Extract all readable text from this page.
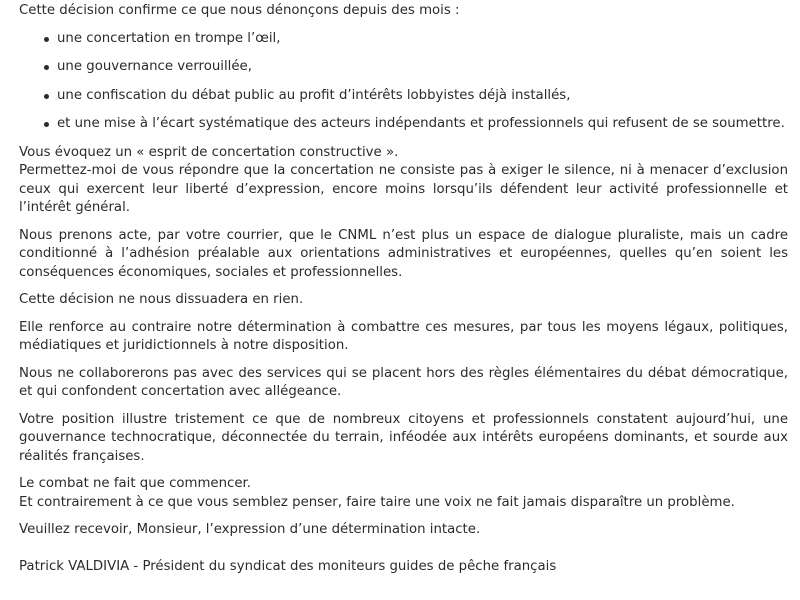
Cette décision confirme ce que nous dénonçons depuis des mois :

une concertation en trompe l’œil,
une gouvernance verrouillée,
une confiscation du débat public au profit d’intérêts lobbyistes déjà installés,
et une mise à l’écart systématique des acteurs indépendants et professionnels qui refusent de se soumettre.

Vous évoquez un « esprit de concertation constructive ».
Permettez-moi de vous répondre que la concertation ne consiste pas à exiger le silence, ni à menacer d’exclusion ceux qui exercent leur liberté d’expression, encore moins lorsqu’ils défendent leur activité professionnelle et l’intérêt général.

Nous prenons acte, par votre courrier, que le CNML n’est plus un espace de dialogue pluraliste, mais un cadre conditionné à l’adhésion préalable aux orientations administratives et européennes, quelles qu’en soient les conséquences économiques, sociales et professionnelles.

Cette décision ne nous dissuadera en rien.

Elle renforce au contraire notre détermination à combattre ces mesures, par tous les moyens légaux, politiques, médiatiques et juridictionnels à notre disposition.

Nous ne collaborerons pas avec des services qui se placent hors des règles élémentaires du débat démocratique, et qui confondent concertation avec allégeance.

Votre position illustre tristement ce que de nombreux citoyens et professionnels constatent aujourd’hui, une gouvernance technocratique, déconnectée du terrain, inféodée aux intérêts européens dominants, et sourde aux réalités françaises.

Le combat ne fait que commencer.
Et contrairement à ce que vous semblez penser, faire taire une voix ne fait jamais disparaître un problème.

Veuillez recevoir, Monsieur, l’expression d’une détermination intacte.

Patrick VALDIVIA - Président du syndicat des moniteurs guides de pêche français
